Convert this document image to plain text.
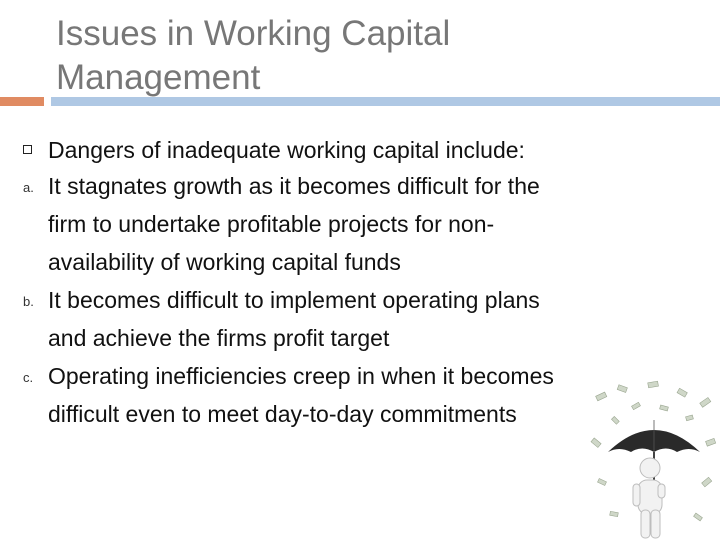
Issues in Working Capital
Management
Dangers of inadequate working capital include:
a. It stagnates growth as it becomes difficult for the
firm to undertake profitable projects for non-
availability of working capital funds
b. It becomes difficult to implement operating plans
and achieve the firms profit target
c. Operating inefficiencies creep in when it becomes
difficult even to meet day-to-day commitments
